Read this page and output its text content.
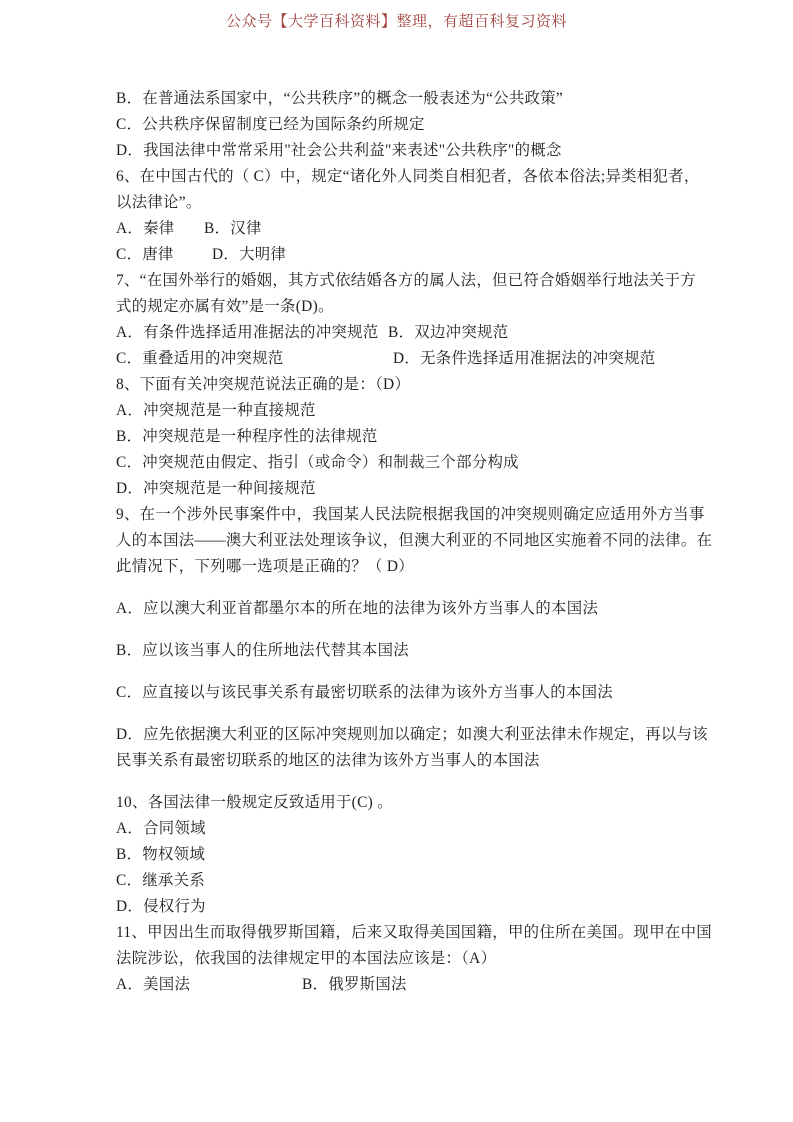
公众号【大学百科资料】整理，有超百科复习资料
B．在普通法系国家中，“公共秩序”的概念一般表述为“公共政策”
C．公共秩序保留制度已经为国际条约所规定
D．我国法律中常常采用"社会公共利益"来表述"公共秩序"的概念
6、在中国古代的（ C）中，规定“诸化外人同类自相犯者，各依本俗法;异类相犯者，
以法律论”。
A．秦律 B．汉律
C．唐律 D．大明律
7、“在国外举行的婚姻，其方式依结婚各方的属人法，但已符合婚姻举行地法关于方
式的规定亦属有效”是一条(D)。
A．有条件选择适用准据法的冲突规范 B．双边冲突规范
C．重叠适用的冲突规范	D．无条件选择适用准据法的冲突规范
8、下面有关冲突规范说法正确的是：（D）
A．冲突规范是一种直接规范
B．冲突规范是一种程序性的法律规范
C．冲突规范由假定、指引（或命令）和制裁三个部分构成
D．冲突规范是一种间接规范
9、在一个涉外民事案件中，我国某人民法院根据我国的冲突规则确定应适用外方当事
人的本国法——澳大利亚法处理该争议，但澳大利亚的不同地区实施着不同的法律。在
此情况下，下列哪一选项是正确的？（ D）
A．应以澳大利亚首都墨尔本的所在地的法律为该外方当事人的本国法
B．应以该当事人的住所地法代替其本国法
C．应直接以与该民事关系有最密切联系的法律为该外方当事人的本国法
D．应先依据澳大利亚的区际冲突规则加以确定；如澳大利亚法律未作规定，再以与该
民事关系有最密切联系的地区的法律为该外方当事人的本国法
10、各国法律一般规定反致适用于(C) 。
A．合同领域
B．物权领域
C．继承关系
D．侵权行为
11、甲因出生而取得俄罗斯国籍，后来又取得美国国籍，甲的住所在美国。现甲在中国
法院涉讼，依我国的法律规定甲的本国法应该是：（A）
A．美国法	B．俄罗斯国法
